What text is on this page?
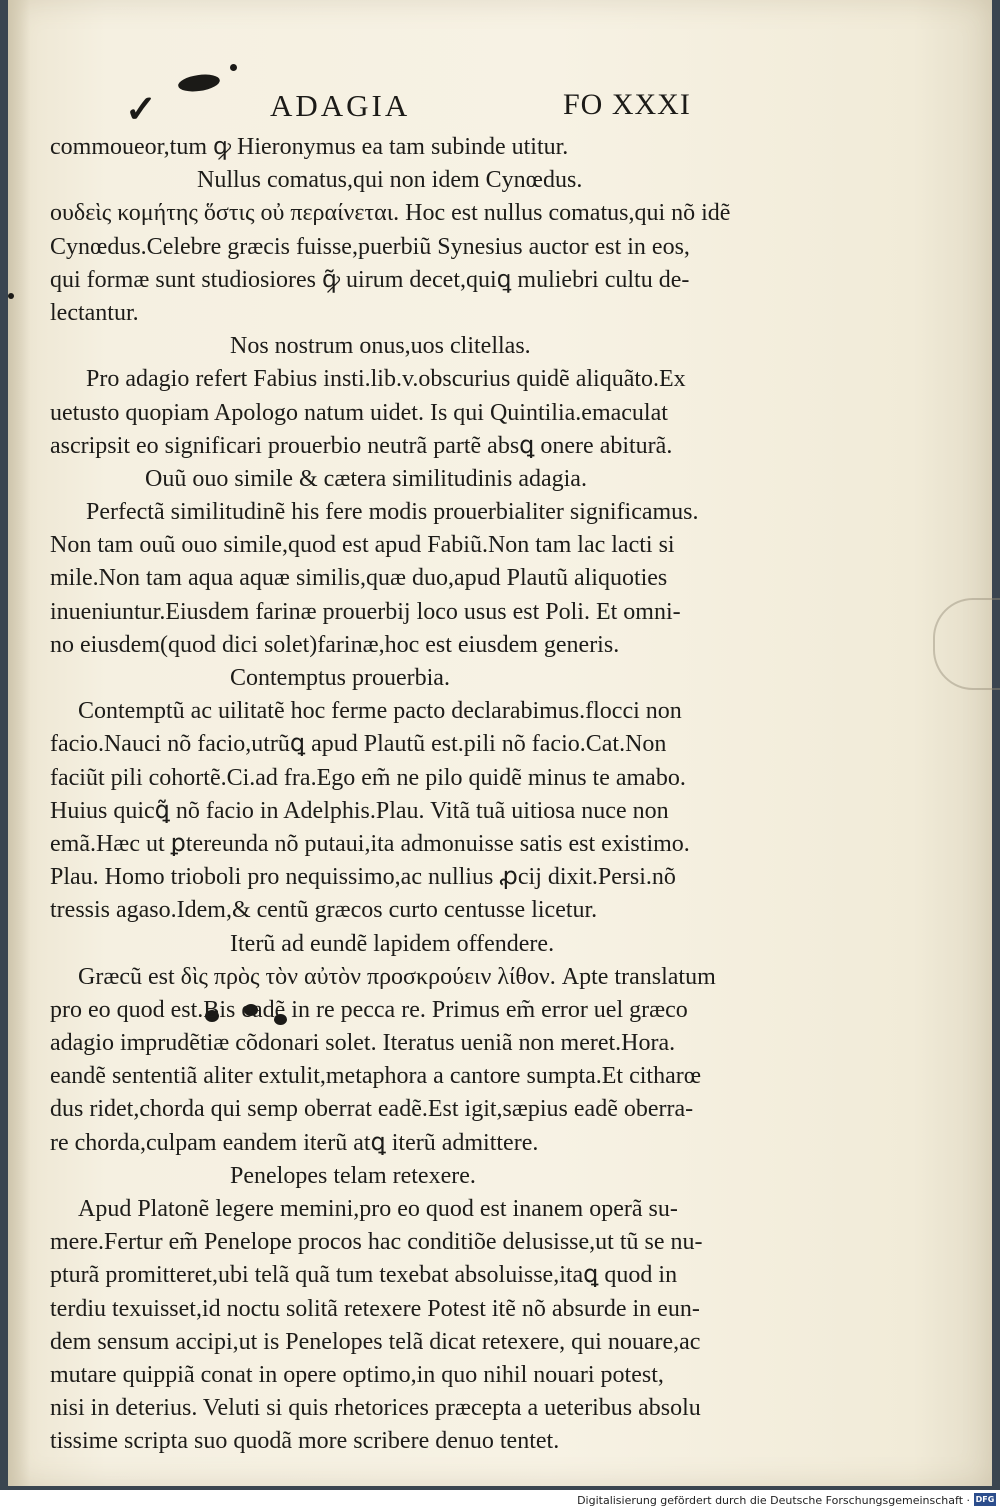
✓	ADAGIA	FO XXXI
commoueor,tum ꝙ Hieronymus ea tam subinde utitur.
Nullus comatus,qui non idem Cynœdus.
ουδεὶς κομήτης ὅστις οὐ περαίνεται. Hoc est nullus comatus,qui nõ idẽ
Cynœdus.Celebre græcis fuisse,puerbiũ Synesius auctor est in eos,
qui formæ sunt studiosiores ꝙ̃ uirum decet,quiꝗ muliebri cultu de-
lectantur.
Nos nostrum onus,uos clitellas.
Pro adagio refert Fabius insti.lib.v.obscurius quidẽ aliquãto.Ex
uetusto quopiam Apologo natum uidet. Is qui Quintilia.emaculat
ascripsit eo significari prouerbio neutrã partẽ absꝗ onere abiturã.
Ouũ ouo simile & cætera similitudinis adagia.
Perfectã similitudinẽ his fere modis prouerbialiter significamus.
Non tam ouũ ouo simile,quod est apud Fabiũ.Non tam lac lacti si
mile.Non tam aqua aquæ similis,quæ duo,apud Plautũ aliquoties
inueniuntur.Eiusdem farinæ prouerbij loco usus est Poli. Et omni-
no eiusdem(quod dici solet)farinæ,hoc est eiusdem generis.
Contemptus prouerbia.
Contemptũ ac uilitatẽ hoc ferme pacto declarabimus.flocci non
facio.Nauci nõ facio,utrũꝗ apud Plautũ est.pili nõ facio.Cat.Non
faciũt pili cohortẽ.Ci.ad fra.Ego em̃ ne pilo quidẽ minus te amabo.
Huius quicꝗ̃ nõ facio in Adelphis.Plau. Vitã tuã uitiosa nuce non
emã.Hæc ut ꝑtereunda nõ putaui,ita admonuisse satis est existimo.
Plau. Homo trioboli pro nequissimo,ac nullius ꝓcij dixit.Persi.nõ
tressis agaso.Idem,& centũ græcos curto centusse licetur.
Iterũ ad eundẽ lapidem offendere.
Græcũ est δὶς πρὸς τὸν αὐτὸν προσκρούειν λίθον. Apte translatum
pro eo quod est.Bis eadẽ in re pecca re. Primus em̃ error uel græco
adagio imprudẽtiæ cõdonari solet. Iteratus ueniã non meret.Hora.
eandẽ sententiã aliter extulit,metaphora a cantore sumpta.Et citharœ
dus ridet,chorda qui semp oberrat eadẽ.Est igit,sæpius eadẽ oberra-
re chorda,culpam eandem iterũ atꝗ iterũ admittere.
Penelopes telam retexere.
Apud Platonẽ legere memini,pro eo quod est inanem operã su-
mere.Fertur em̃ Penelope procos hac conditiõe delusisse,ut tũ se nu-
pturã promitteret,ubi telã quã tum texebat absoluisse,itaꝗ quod in
terdiu texuisset,id noctu solitã retexere Potest itẽ nõ absurde in eun-
dem sensum accipi,ut is Penelopes telã dicat retexere, qui nouare,ac
mutare quippiã conat in opere optimo,in quo nihil nouari potest,
nisi in deterius. Veluti si quis rhetorices præcepta a ueteribus absolu
tissime scripta suo quodã more scribere denuo tentet.
Digitalisierung gefördert durch die Deutsche Forschungsgemeinschaft · DFG
